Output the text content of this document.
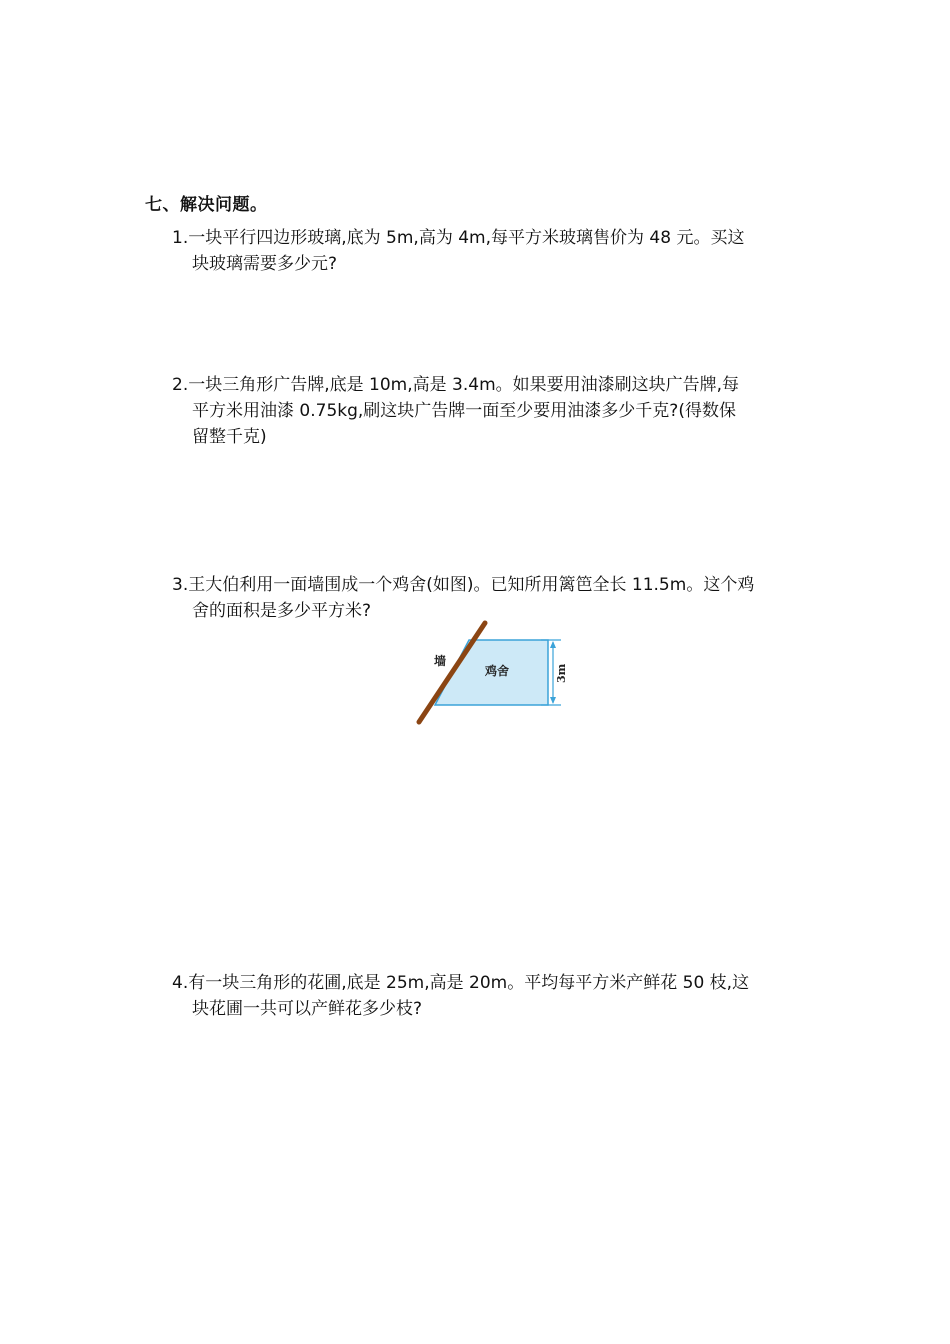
七、解决问题。
1.一块平行四边形玻璃,底为 5m,高为 4m,每平方米玻璃售价为 48 元。买这
块玻璃需要多少元?
2.一块三角形广告牌,底是 10m,高是 3.4m。如果要用油漆刷这块广告牌,每
平方米用油漆 0.75kg,刷这块广告牌一面至少要用油漆多少千克?(得数保
留整千克)
3.王大伯利用一面墙围成一个鸡舍(如图)。已知所用篱笆全长 11.5m。这个鸡
舍的面积是多少平方米?
墙
鸡舍	3m
4.有一块三角形的花圃,底是 25m,高是 20m。平均每平方米产鲜花 50 枝,这
块花圃一共可以产鲜花多少枝?
